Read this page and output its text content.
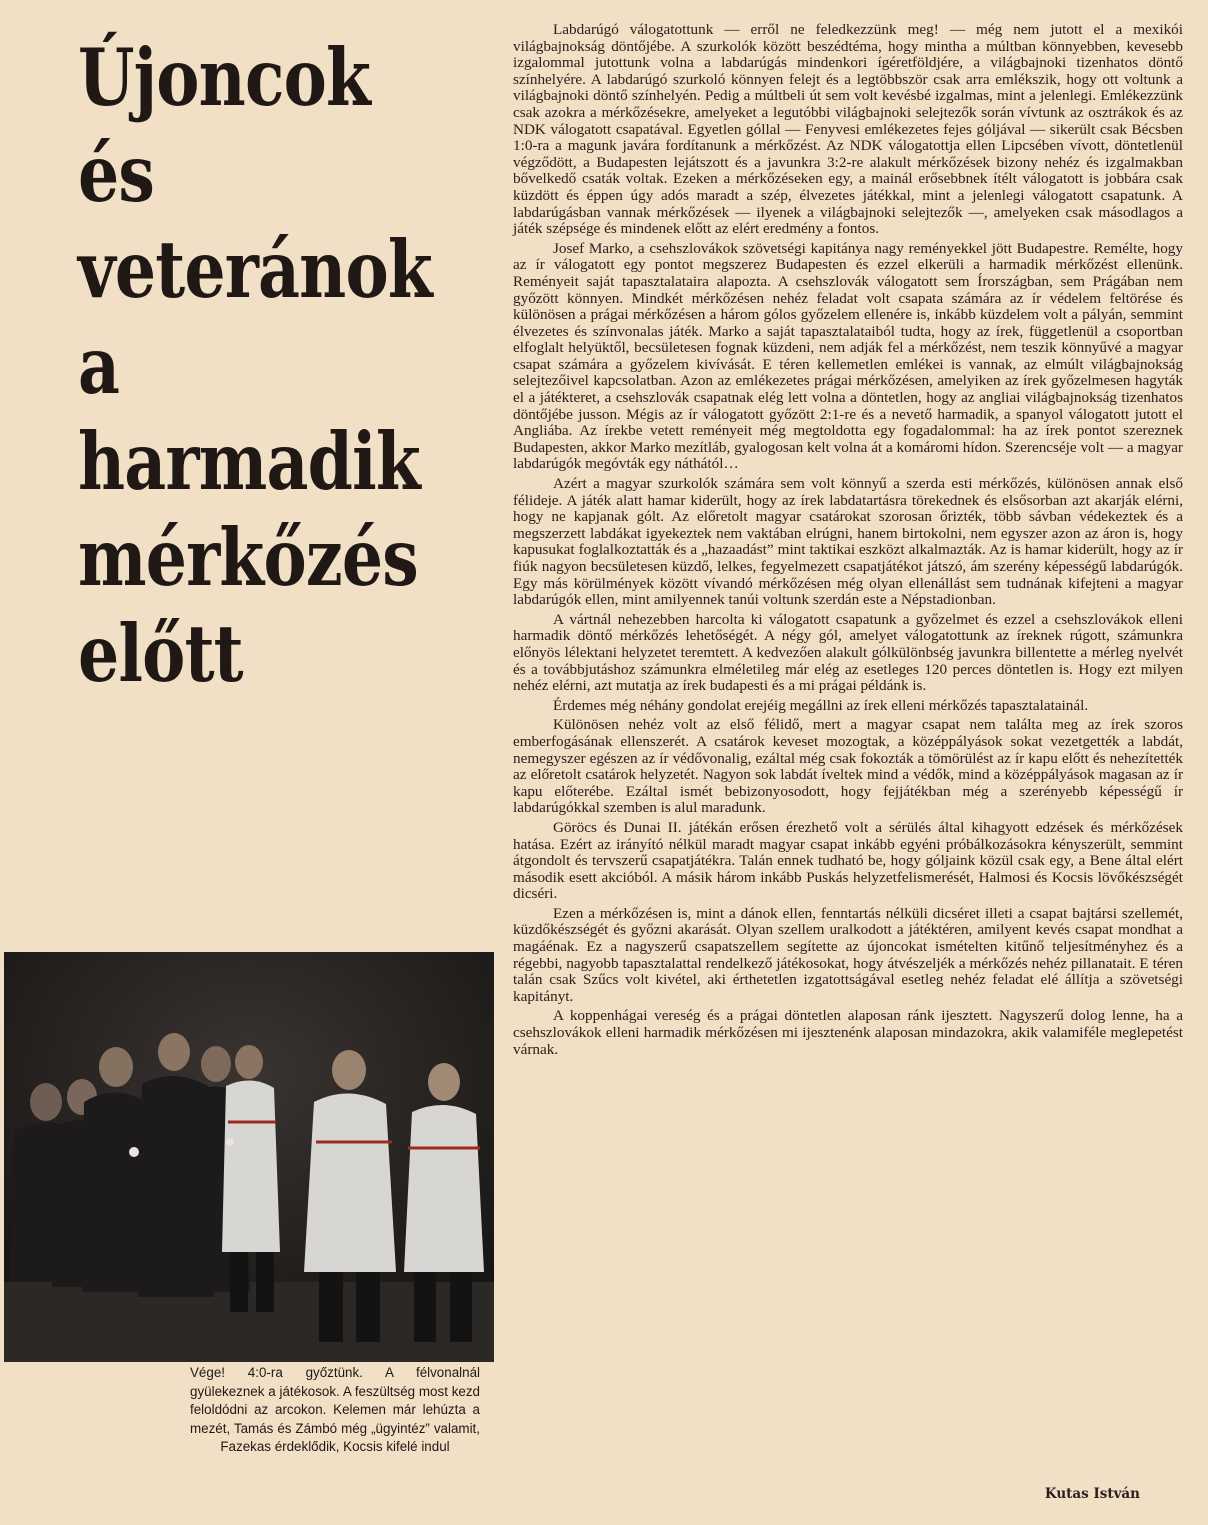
Újoncok
és
veteránok
a
harmadik
mérkőzés
előtt
Vége! 4:0-ra győztünk. A félvonalnál gyülekeznek a játékosok. A feszültség most kezd feloldódni az arcokon. Kelemen már lehúzta a mezét, Tamás és Zámbó még „ügyintéz” valamit, Fazekas érdeklődik, Kocsis kifelé indul

Labdarúgó válogatottunk — erről ne feledkezzünk meg! — még nem jutott el a mexikói világbajnokság döntőjébe. A szurkolók között beszédtéma, hogy mintha a múltban könnyebben, kevesebb izgalommal jutottunk volna a labdarúgás mindenkori ígéretföldjére, a világbajnoki tizenhatos döntő színhelyére. A labdarúgó szurkoló könnyen felejt és a legtöbbször csak arra emlékszik, hogy ott voltunk a világbajnoki döntő színhelyén. Pedig a múltbeli út sem volt kevésbé izgalmas, mint a jelenlegi. Emlékezzünk csak azokra a mérkőzésekre, amelyeket a legutóbbi világbajnoki selejtezők során vívtunk az osztrákok és az NDK válogatott csapatával. Egyetlen góllal — Fenyvesi emlékezetes fejes góljával — sikerült csak Bécsben 1:0-ra a magunk javára fordítanunk a mérkőzést. Az NDK válogatottja ellen Lipcsében vívott, döntetlenül végződött, a Budapesten lejátszott és a javunkra 3:2-re alakult mérkőzések bizony nehéz és izgalmakban bővelkedő csaták voltak. Ezeken a mérkőzéseken egy, a mainál erősebbnek ítélt válogatott is jobbára csak küzdött és éppen úgy adós maradt a szép, élvezetes játékkal, mint a jelenlegi válogatott csapatunk. A labdarúgásban vannak mérkőzések — ilyenek a világbajnoki selejtezők —, amelyeken csak másodlagos a játék szépsége és mindenek előtt az elért eredmény a fontos.

Josef Marko, a csehszlovákok szövetségi kapitánya nagy reményekkel jött Budapestre. Remélte, hogy az ír válogatott egy pontot megszerez Budapesten és ezzel elkerüli a harmadik mérkőzést ellenünk. Reményeit saját tapasztalataira alapozta. A csehszlovák válogatott sem Írországban, sem Prágában nem győzött könnyen. Mindkét mérkőzésen nehéz feladat volt csapata számára az ír védelem feltörése és különösen a prágai mérkőzésen a három gólos győzelem ellenére is, inkább küzdelem volt a pályán, semmint élvezetes és színvonalas játék. Marko a saját tapasztalataiból tudta, hogy az írek, függetlenül a csoportban elfoglalt helyüktől, becsületesen fognak küzdeni, nem adják fel a mérkőzést, nem teszik könnyűvé a magyar csapat számára a győzelem kivívását. E téren kellemetlen emlékei is vannak, az elmúlt világbajnokság selejtezőivel kapcsolatban. Azon az emlékezetes prágai mérkőzésen, amelyiken az írek győzelmesen hagyták el a játékteret, a csehszlovák csapatnak elég lett volna a döntetlen, hogy az angliai világbajnokság tizenhatos döntőjébe jusson. Mégis az ír válogatott győzött 2:1-re és a nevető harmadik, a spanyol válogatott jutott el Angliába. Az írekbe vetett reményeit még megtoldotta egy fogadalommal: ha az írek pontot szereznek Budapesten, akkor Marko mezítláb, gyalogosan kelt volna át a komáromi hídon. Szerencséje volt — a magyar labdarúgók megóvták egy náthától…

Azért a magyar szurkolók számára sem volt könnyű a szerda esti mérkőzés, különösen annak első félideje. A játék alatt hamar kiderült, hogy az írek labdatartásra törekednek és elsősorban azt akarják elérni, hogy ne kapjanak gólt. Az előretolt magyar csatárokat szorosan őrizték, több sávban védekeztek és a megszerzett labdákat igyekeztek nem vaktában elrúgni, hanem birtokolni, nem egyszer azon az áron is, hogy kapusukat foglalkoztatták és a „hazaadást” mint taktikai eszközt alkalmazták. Az is hamar kiderült, hogy az ír fiúk nagyon becsületesen küzdő, lelkes, fegyelmezett csapatjátékot játszó, ám szerény képességű labdarúgók. Egy más körülmények között vívandó mérkőzésen még olyan ellenállást sem tudnának kifejteni a magyar labdarúgók ellen, mint amilyennek tanúi voltunk szerdán este a Népstadionban.

A vártnál nehezebben harcolta ki válogatott csapatunk a győzelmet és ezzel a csehszlovákok elleni harmadik döntő mérkőzés lehetőségét. A négy gól, amelyet válogatottunk az íreknek rúgott, számunkra előnyös lélektani helyzetet teremtett. A kedvezően alakult gólkülönbség javunkra billentette a mérleg nyelvét és a továbbjutáshoz számunkra elméletileg már elég az esetleges 120 perces döntetlen is. Hogy ezt milyen nehéz elérni, azt mutatja az írek budapesti és a mi prágai példánk is.

Érdemes még néhány gondolat erejéig megállni az írek elleni mérkőzés tapasztalatainál.

Különösen nehéz volt az első félidő, mert a magyar csapat nem találta meg az írek szoros emberfogásának ellenszerét. A csatárok keveset mozogtak, a középpályások sokat vezetgették a labdát, nemegyszer egészen az ír védővonalig, ezáltal még csak fokozták a tömörülést az ír kapu előtt és nehezítették az előretolt csatárok helyzetét. Nagyon sok labdát íveltek mind a védők, mind a középpályások magasan az ír kapu előterébe. Ezáltal ismét bebizonyosodott, hogy fejjátékban még a szerényebb képességű ír labdarúgókkal szemben is alul maradunk.

Göröcs és Dunai II. játékán erősen érezhető volt a sérülés által kihagyott edzések és mérkőzések hatása. Ezért az irányító nélkül maradt magyar csapat inkább egyéni próbálkozásokra kényszerült, semmint átgondolt és tervszerű csapatjátékra. Talán ennek tudható be, hogy góljaink közül csak egy, a Bene által elért második esett akcióból. A másik három inkább Puskás helyzetfelismerését, Halmosi és Kocsis lövőkészségét dicséri.

Ezen a mérkőzésen is, mint a dánok ellen, fenntartás nélküli dicséret illeti a csapat bajtársi szellemét, küzdőkészségét és győzni akarását. Olyan szellem uralkodott a játéktéren, amilyent kevés csapat mondhat a magáénak. Ez a nagyszerű csapatszellem segítette az újoncokat ismételten kitűnő teljesítményhez és a régebbi, nagyobb tapasztalattal rendelkező játékosokat, hogy átvészeljék a mérkőzés nehéz pillanatait. E téren talán csak Szűcs volt kivétel, aki érthetetlen izgatottságával esetleg nehéz feladat elé állítja a szövetségi kapitányt.

A koppenhágai vereség és a prágai döntetlen alaposan ránk ijesztett. Nagyszerű dolog lenne, ha a csehszlovákok elleni harmadik mérkőzésen mi ijesztenénk alaposan mindazokra, akik valamiféle meglepetést várnak.

Kutas István
